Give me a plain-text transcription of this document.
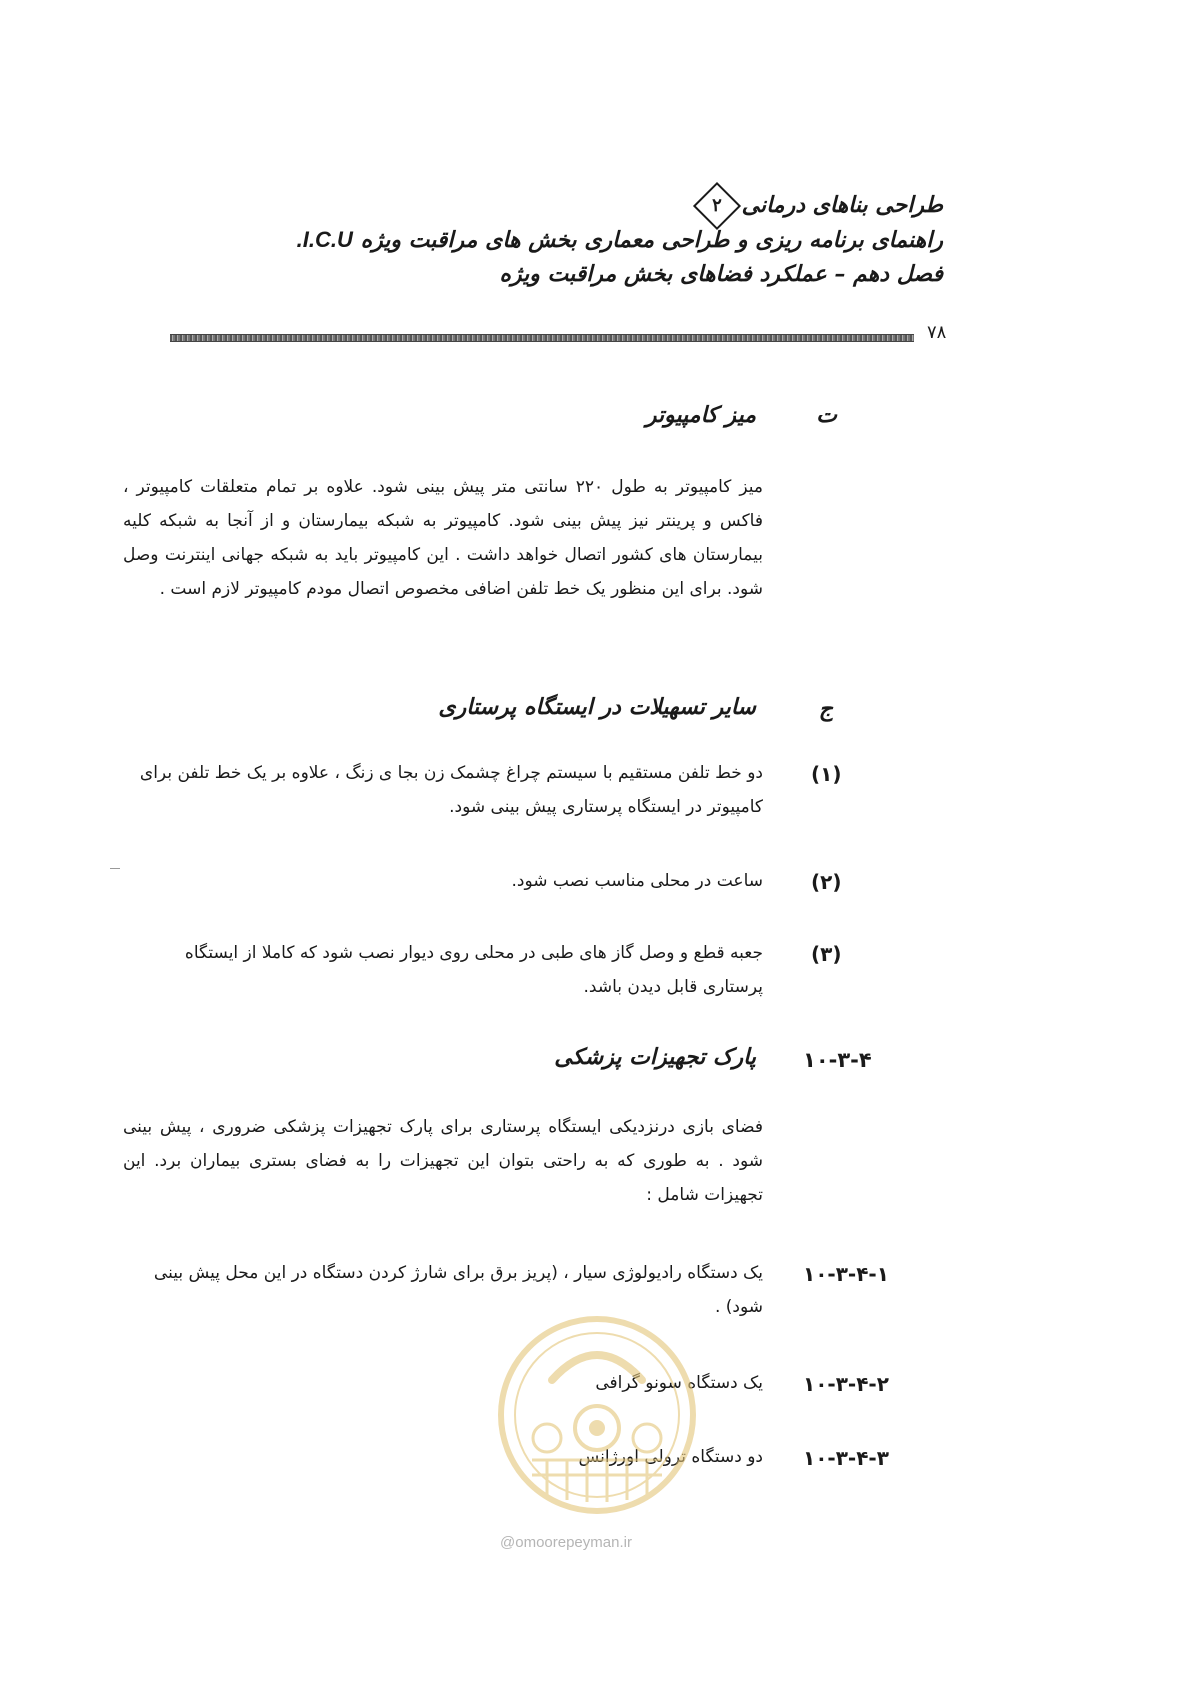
طراحی بناهای درمانی
۲
راهنمای برنامه ریزی و طراحی معماری بخش های مراقبت ویژه I.C.U.
فصل دهم – عملکرد فضاهای بخش مراقبت ویژه
۷۸
ت
میز کامپیوتر
میز کامپیوتر به طول ۲۲۰ سانتی متر پیش بینی شود. علاوه بر تمام متعلقات کامپیوتر ، فاکس و پرینتر نیز پیش بینی شود. کامپیوتر به شبکه بیمارستان و از آنجا به شبکه کلیه بیمارستان های کشور اتصال خواهد داشت . این کامپیوتر باید به شبکه جهانی اینترنت وصل شود. برای این منظور یک خط تلفن اضافی مخصوص اتصال مودم کامپیوتر لازم است .
ج
سایر تسهیلات در ایستگاه پرستاری
(۱)
دو خط تلفن مستقیم با سیستم چراغ چشمک زن بجا ی زنگ ، علاوه بر یک خط تلفن برای کامپیوتر در ایستگاه پرستاری پیش بینی شود.
(۲)
ساعت در محلی مناسب نصب شود.
(۳)
جعبه قطع و وصل گاز های طبی در محلی روی دیوار نصب شود که کاملا از ایستگاه پرستاری قابل دیدن باشد.
۱۰-۳-۴
پارک تجهیزات پزشکی
فضای بازی درنزدیکی ایستگاه پرستاری برای پارک تجهیزات پزشکی ضروری ، پیش بینی شود . به طوری که به راحتی بتوان این تجهیزات را به فضای بستری بیماران برد. این تجهیزات شامل :
۱۰-۳-۴-۱
یک دستگاه رادیولوژی سیار ، (پریز برق برای شارژ کردن دستگاه در این محل پیش بینی شود) .
۱۰-۳-۴-۲
یک دستگاه سونو گرافی
۱۰-۳-۴-۳
دو دستگاه ترولی اورژانس
@omoorepeyman.ir
